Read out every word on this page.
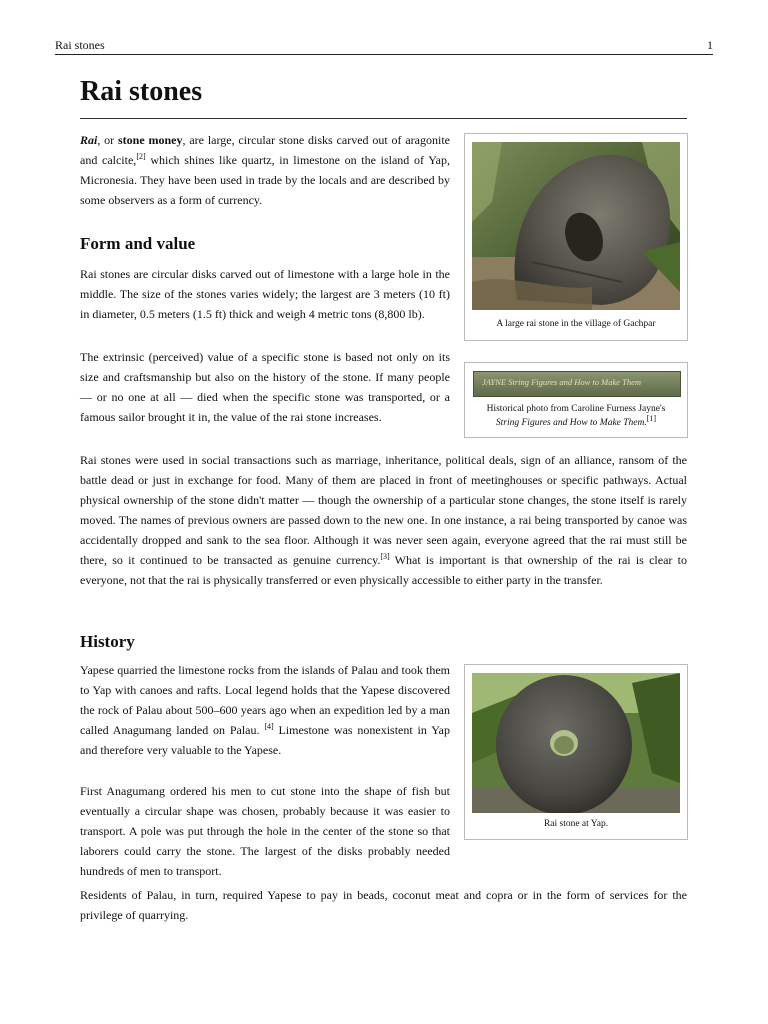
Rai stones	1
Rai stones

Rai, or stone money, are large, circular stone disks carved out of aragonite and calcite,[2] which shines like quartz, in limestone on the island of Yap, Micronesia. They have been used in trade by the locals and are described by some observers as a form of currency.

A large rai stone in the village of Gachpar
Form and value

Rai stones are circular disks carved out of limestone with a large hole in the middle. The size of the stones varies widely; the largest are 3 meters (10 ft) in diameter, 0.5 meters (1.5 ft) thick and weigh 4 metric tons (8,800 lb).

The extrinsic (perceived) value of a specific stone is based not only on its size and craftsmanship but also on the history of the stone. If many people — or no one at all — died when the specific stone was transported, or a famous sailor brought it in, the value of the rai stone increases.

JAYNE String Figures and How to Make Them
Historical photo from Caroline Furness Jayne's
String Figures and How to Make Them.[1]

Rai stones were used in social transactions such as marriage, inheritance, political deals, sign of an alliance, ransom of the battle dead or just in exchange for food. Many of them are placed in front of meetinghouses or specific pathways. Actual physical ownership of the stone didn't matter — though the ownership of a particular stone changes, the stone itself is rarely moved. The names of previous owners are passed down to the new one. In one instance, a rai being transported by canoe was accidentally dropped and sank to the sea floor. Although it was never seen again, everyone agreed that the rai must still be there, so it continued to be transacted as genuine currency.[3] What is important is that ownership of the rai is clear to everyone, not that the rai is physically transferred or even physically accessible to either party in the transfer.

History

Yapese quarried the limestone rocks from the islands of Palau and took them to Yap with canoes and rafts. Local legend holds that the Yapese discovered the rock of Palau about 500–600 years ago when an expedition led by a man called Anagumang landed on Palau. [4] Limestone was nonexistent in Yap and therefore very valuable to the Yapese.

Rai stone at Yap.

First Anagumang ordered his men to cut stone into the shape of fish but eventually a circular shape was chosen, probably because it was easier to transport. A pole was put through the hole in the center of the stone so that laborers could carry the stone. The largest of the disks probably needed hundreds of men to transport.

Residents of Palau, in turn, required Yapese to pay in beads, coconut meat and copra or in the form of services for the privilege of quarrying.
